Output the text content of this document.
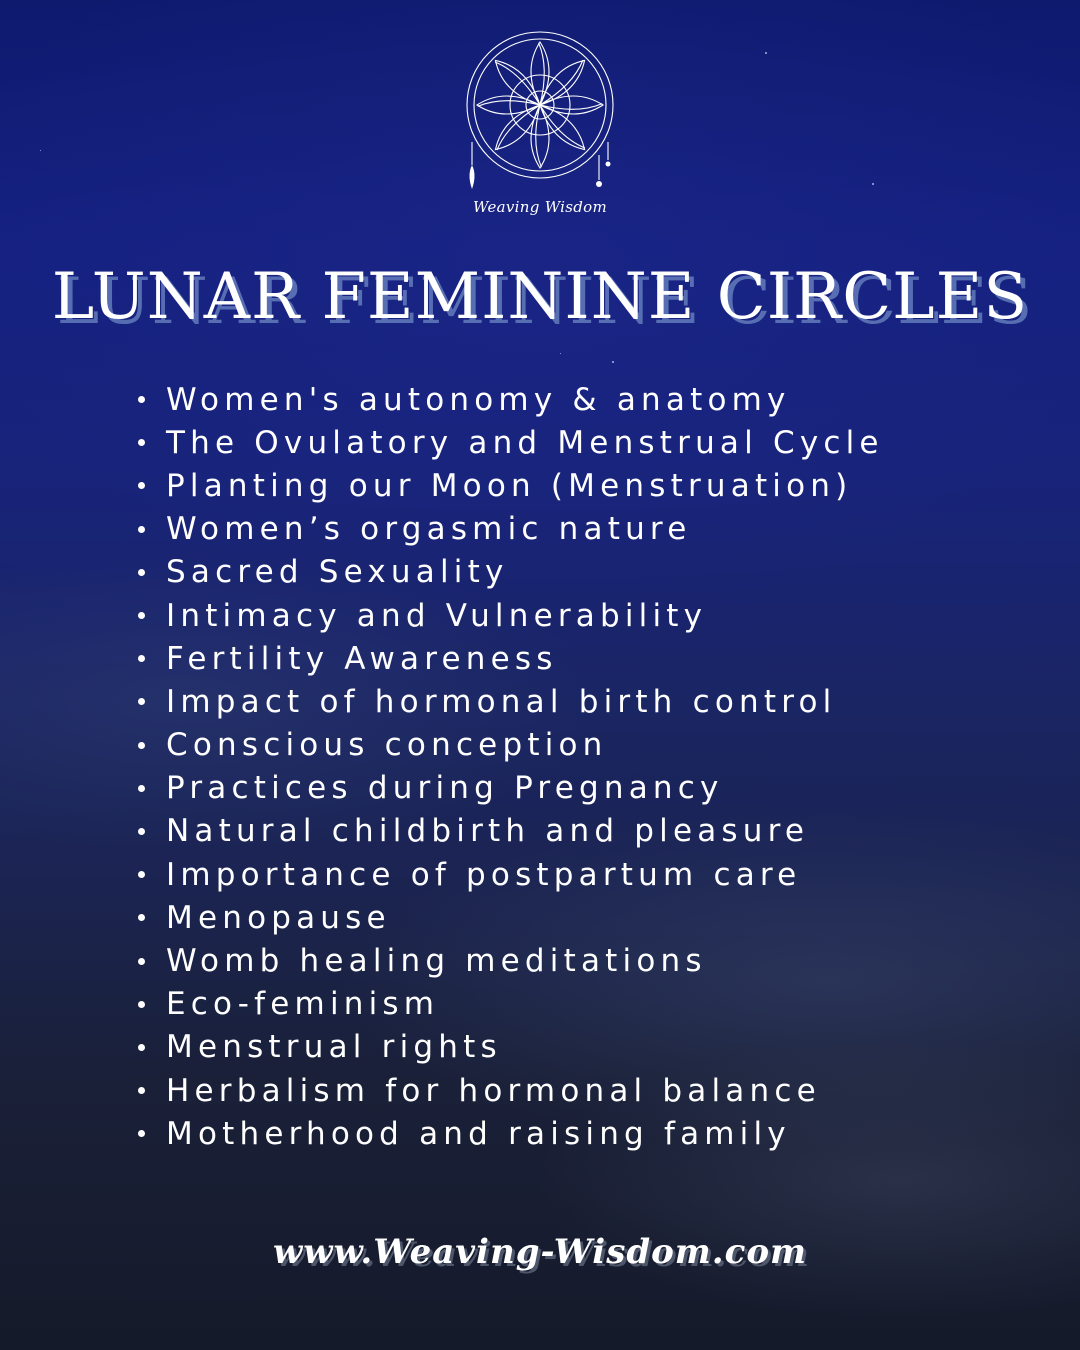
Weaving Wisdom
LUNAR FEMININE CIRCLES
Women's autonomy & anatomy
The Ovulatory and Menstrual Cycle
Planting our Moon (Menstruation)
Women’s orgasmic nature
Sacred Sexuality
Intimacy and Vulnerability
Fertility Awareness
Impact of hormonal birth control
Conscious conception
Practices during Pregnancy
Natural childbirth and pleasure
Importance of postpartum care
Menopause
Womb healing meditations
Eco-feminism
Menstrual rights
Herbalism for hormonal balance
Motherhood and raising family
www.Weaving-Wisdom.com
